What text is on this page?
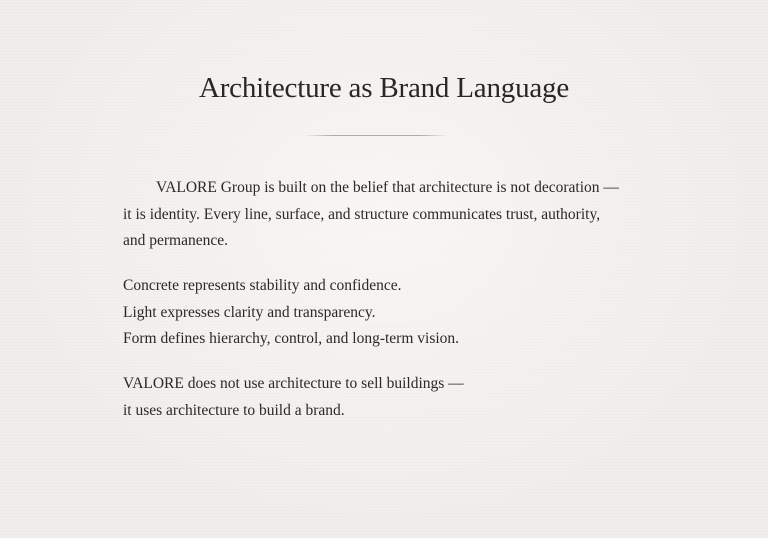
Architecture as Brand Language

VALORE Group is built on the belief that architecture is not decoration —
it is identity. Every line, surface, and structure communicates trust, authority,
and permanence.

Concrete represents stability and confidence.
Light expresses clarity and transparency.
Form defines hierarchy, control, and long-term vision.

VALORE does not use architecture to sell buildings —
it uses architecture to build a brand.
